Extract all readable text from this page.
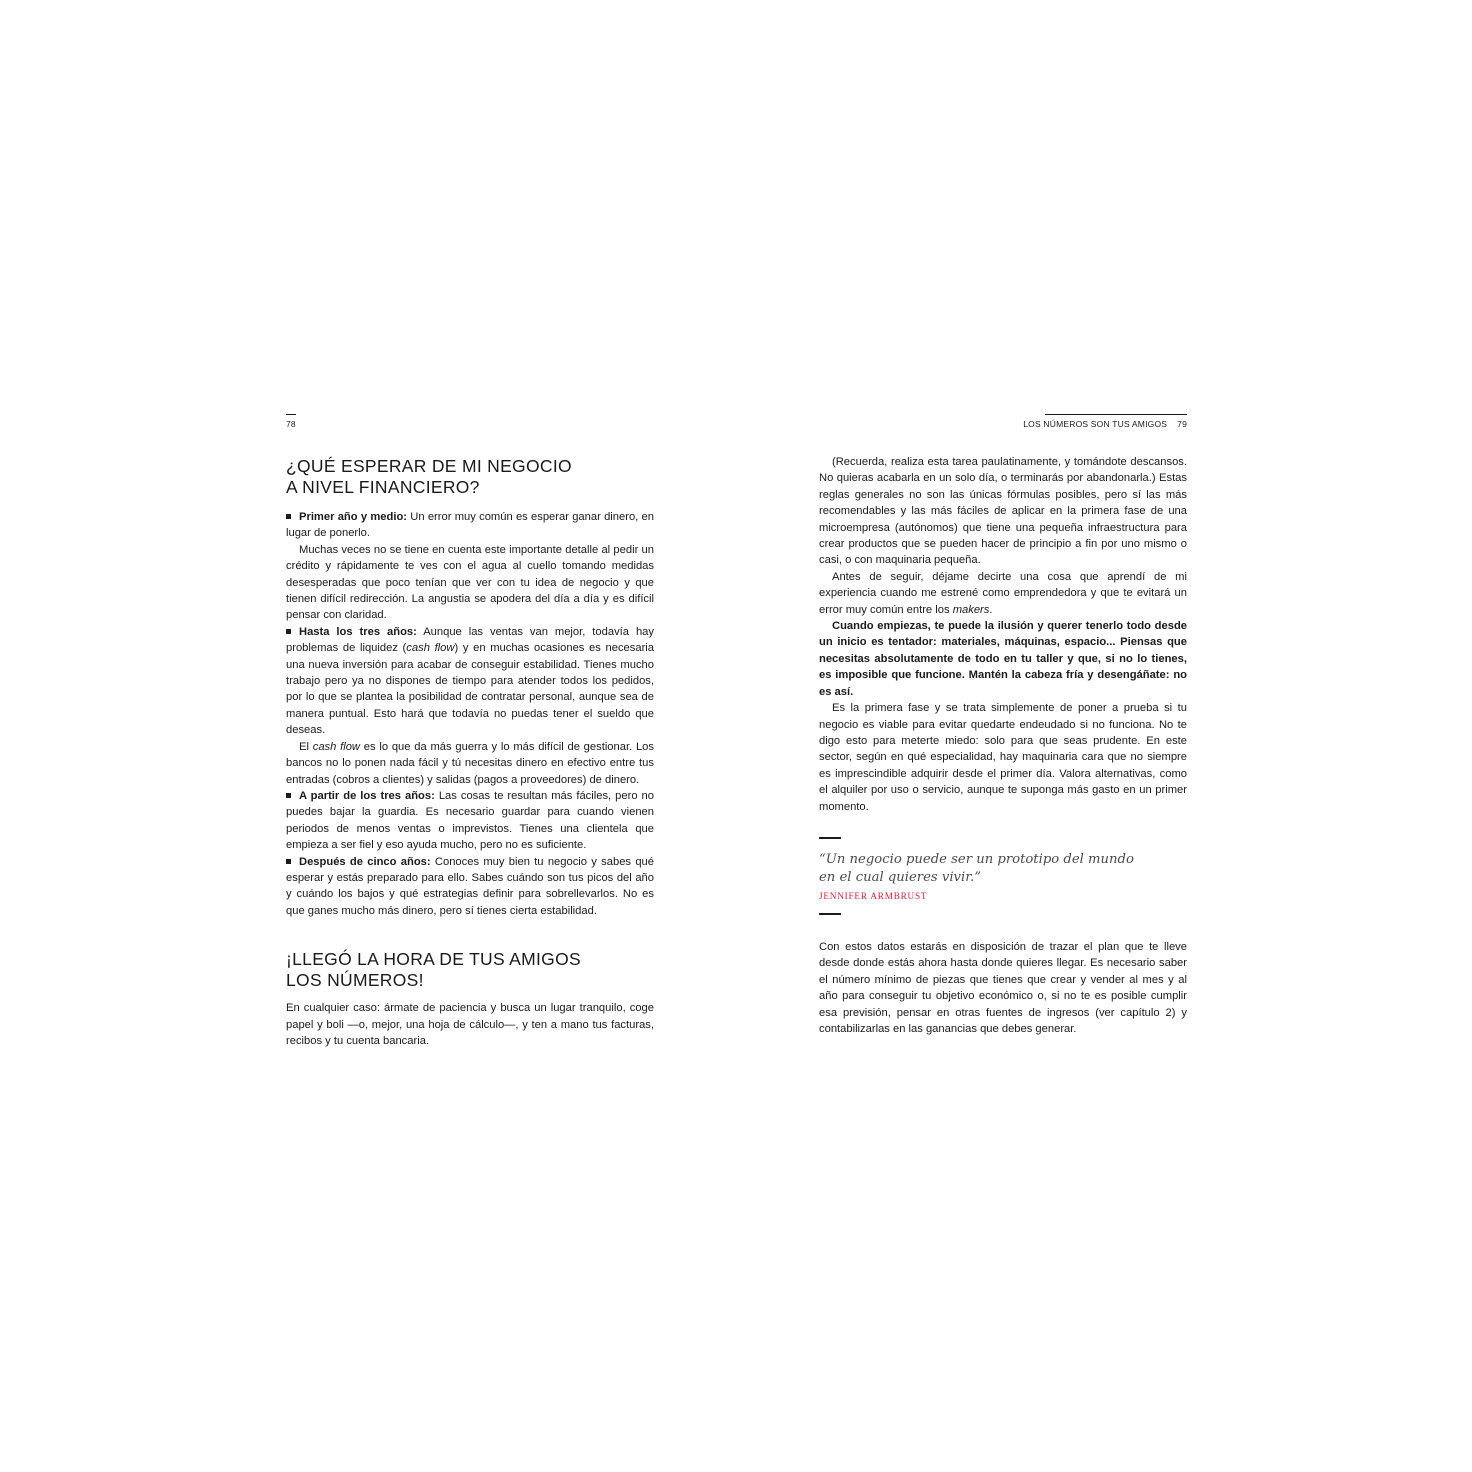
78
¿QUÉ ESPERAR DE MI NEGOCIO
A NIVEL FINANCIERO?

Primer año y medio: Un error muy común es esperar ganar dinero, en lugar de ponerlo.

Muchas veces no se tiene en cuenta este importante detalle al pedir un crédito y rápidamente te ves con el agua al cuello tomando medidas desesperadas que poco tenían que ver con tu idea de negocio y que tienen difícil redirección. La angustia se apodera del día a día y es difícil pensar con claridad.

Hasta los tres años: Aunque las ventas van mejor, todavía hay problemas de liquidez (cash flow) y en muchas ocasiones es necesaria una nueva inversión para acabar de conseguir estabilidad. Tienes mucho trabajo pero ya no dispones de tiempo para atender todos los pedidos, por lo que se plantea la posibilidad de contratar personal, aunque sea de manera puntual. Esto hará que todavía no puedas tener el sueldo que deseas.

El cash flow es lo que da más guerra y lo más difícil de gestionar. Los bancos no lo ponen nada fácil y tú necesitas dinero en efectivo entre tus entradas (cobros a clientes) y salidas (pagos a proveedores) de dinero.

A partir de los tres años: Las cosas te resultan más fáciles, pero no puedes bajar la guardia. Es necesario guardar para cuando vienen periodos de menos ventas o imprevistos. Tienes una clientela que empieza a ser fiel y eso ayuda mucho, pero no es suficiente.

Después de cinco años: Conoces muy bien tu negocio y sabes qué esperar y estás preparado para ello. Sabes cuándo son tus picos del año y cuándo los bajos y qué estrategias definir para sobrellevarlos. No es que ganes mucho más dinero, pero sí tienes cierta estabilidad.

¡LLEGÓ LA HORA DE TUS AMIGOS
LOS NÚMEROS!

En cualquier caso: ármate de paciencia y busca un lugar tranquilo, coge papel y boli —o, mejor, una hoja de cálculo—, y ten a mano tus facturas, recibos y tu cuenta bancaria.

LOS NÚMEROS SON TUS AMIGOS 79

(Recuerda, realiza esta tarea paulatinamente, y tomándote descansos. No quieras acabarla en un solo día, o terminarás por abandonarla.) Estas reglas generales no son las únicas fórmulas posibles, pero sí las más recomendables y las más fáciles de aplicar en la primera fase de una microempresa (autónomos) que tiene una pequeña infraestructura para crear productos que se pueden hacer de principio a fin por uno mismo o casi, o con maquinaria pequeña.

Antes de seguir, déjame decirte una cosa que aprendí de mi experiencia cuando me estrené como emprendedora y que te evitará un error muy común entre los makers.

Cuando empiezas, te puede la ilusión y querer tenerlo todo desde un inicio es tentador: materiales, máquinas, espacio... Piensas que necesitas absolutamente de todo en tu taller y que, si no lo tienes, es imposible que funcione. Mantén la cabeza fría y desengáñate: no es así.

Es la primera fase y se trata simplemente de poner a prueba si tu negocio es viable para evitar quedarte endeudado si no funciona. No te digo esto para meterte miedo: solo para que seas prudente. En este sector, según en qué especialidad, hay maquinaria cara que no siempre es imprescindible adquirir desde el primer día. Valora alternativas, como el alquiler por uso o servicio, aunque te suponga más gasto en un primer momento.

“Un negocio puede ser un prototipo del mundo
en el cual quieres vivir.”
JENNIFER ARMBRUST

Con estos datos estarás en disposición de trazar el plan que te lleve desde donde estás ahora hasta donde quieres llegar. Es necesario saber el número mínimo de piezas que tienes que crear y vender al mes y al año para conseguir tu objetivo económico o, si no te es posible cumplir esa previsión, pensar en otras fuentes de ingresos (ver capítulo 2) y contabilizarlas en las ganancias que debes generar.
